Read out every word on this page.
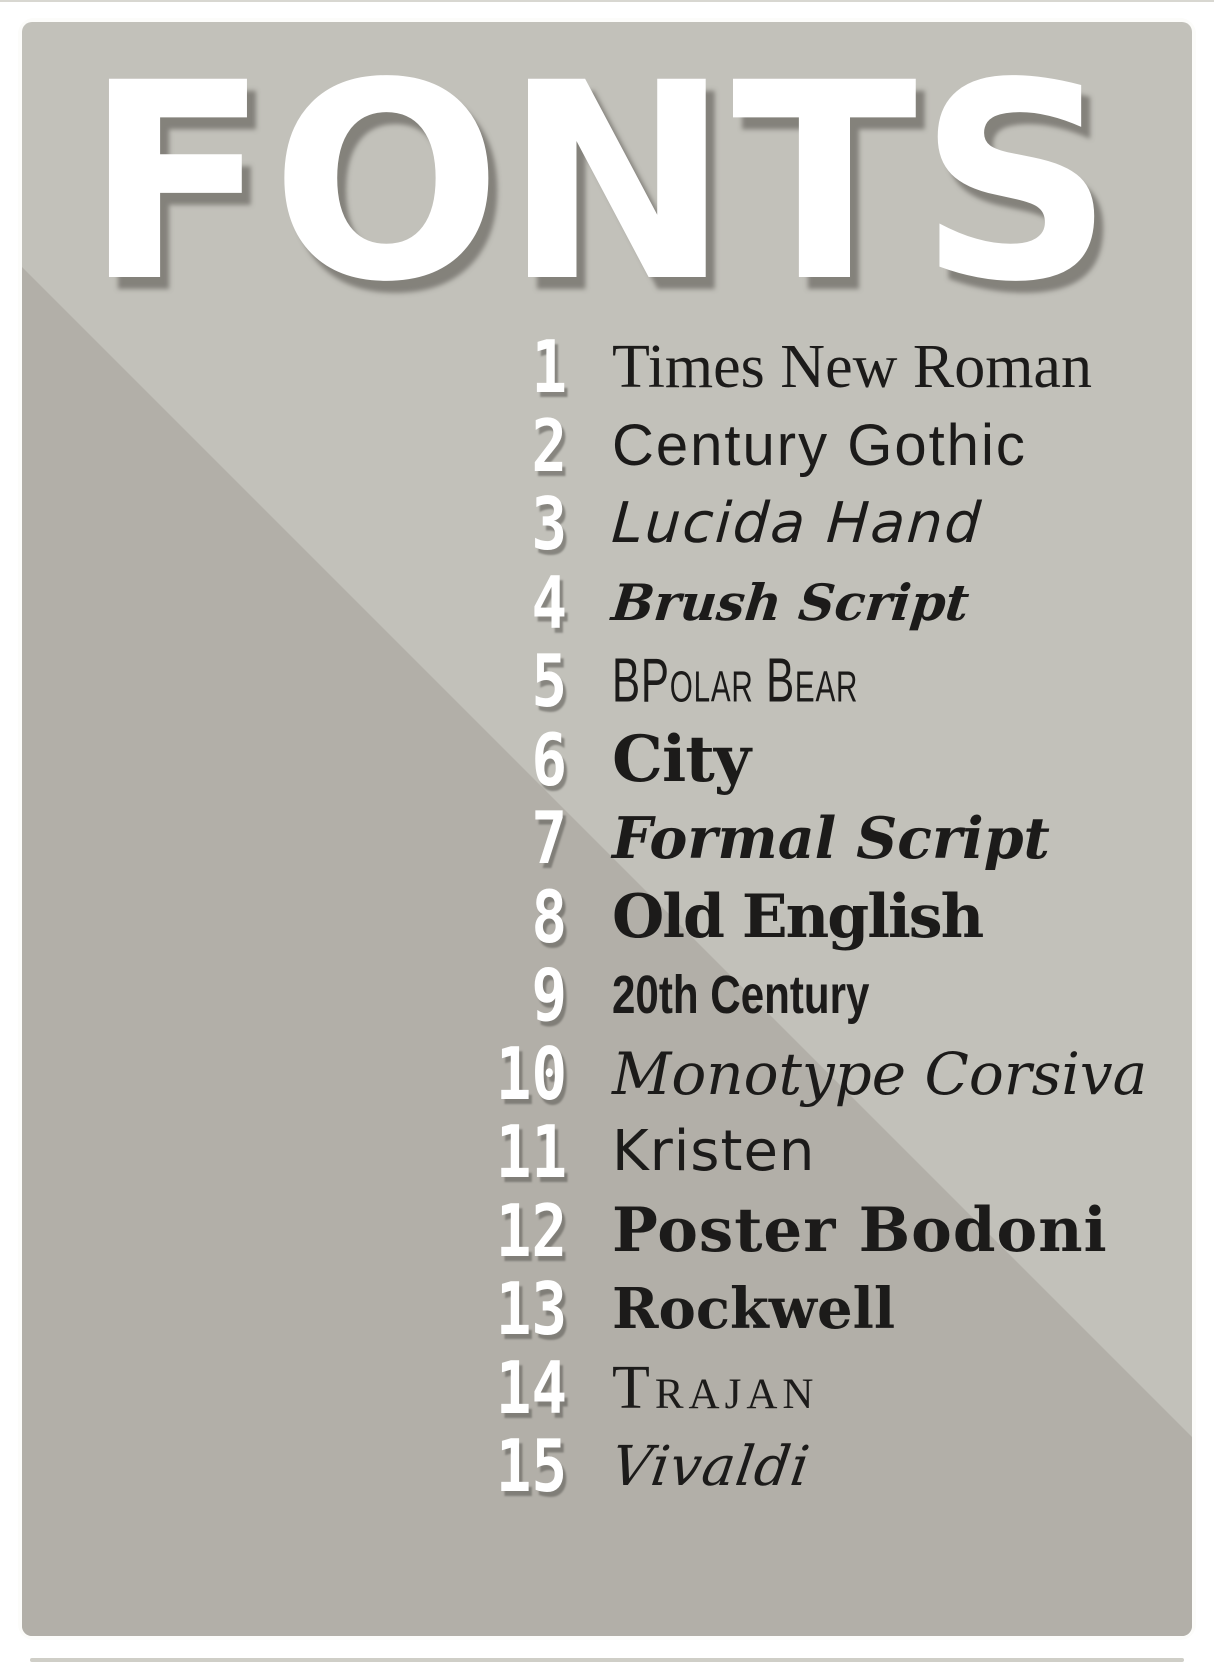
FONTS
1 Times New Roman
2 Century Gothic
3 Lucida Hand
4 Brush Script
5 BPolar Bear
6 City
7 Formal Script
8 Old English
9 20th Century
10 Monotype Corsiva
11 Kristen
12 Poster Bodoni
13 Rockwell
14 Trajan
15 Vivaldi
